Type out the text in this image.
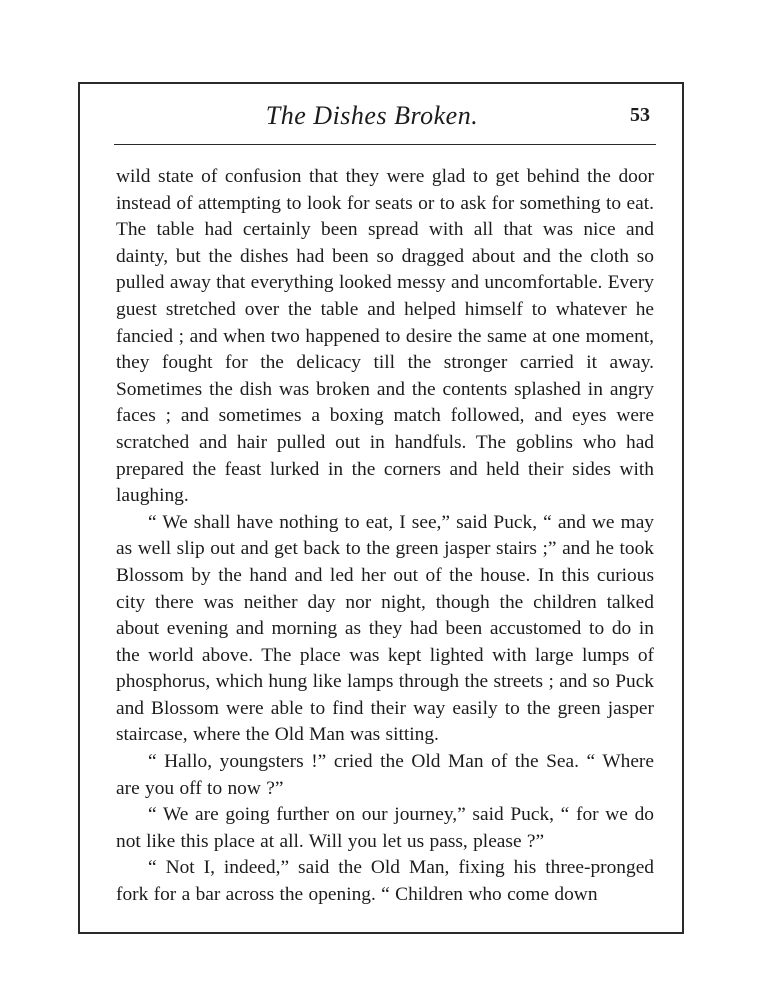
The Dishes Broken.	53

wild state of confusion that they were glad to get behind the door instead of attempting to look for seats or to ask for something to eat. The table had certainly been spread with all that was nice and dainty, but the dishes had been so dragged about and the cloth so pulled away that everything looked messy and uncomfortable. Every guest stretched over the table and helped himself to whatever he fancied ; and when two happened to desire the same at one moment, they fought for the delicacy till the stronger carried it away. Sometimes the dish was broken and the contents splashed in angry faces ; and sometimes a boxing match followed, and eyes were scratched and hair pulled out in handfuls. The goblins who had prepared the feast lurked in the corners and held their sides with laughing.

“ We shall have nothing to eat, I see,” said Puck, “ and we may as well slip out and get back to the green jasper stairs ;” and he took Blossom by the hand and led her out of the house. In this curious city there was neither day nor night, though the children talked about evening and morning as they had been accustomed to do in the world above. The place was kept lighted with large lumps of phosphorus, which hung like lamps through the streets ; and so Puck and Blossom were able to find their way easily to the green jasper staircase, where the Old Man was sitting.

“ Hallo, youngsters !” cried the Old Man of the Sea. “ Where are you off to now ?”

“ We are going further on our journey,” said Puck, “ for we do not like this place at all. Will you let us pass, please ?”

“ Not I, indeed,” said the Old Man, fixing his three-pronged fork for a bar across the opening. “ Children who come down
